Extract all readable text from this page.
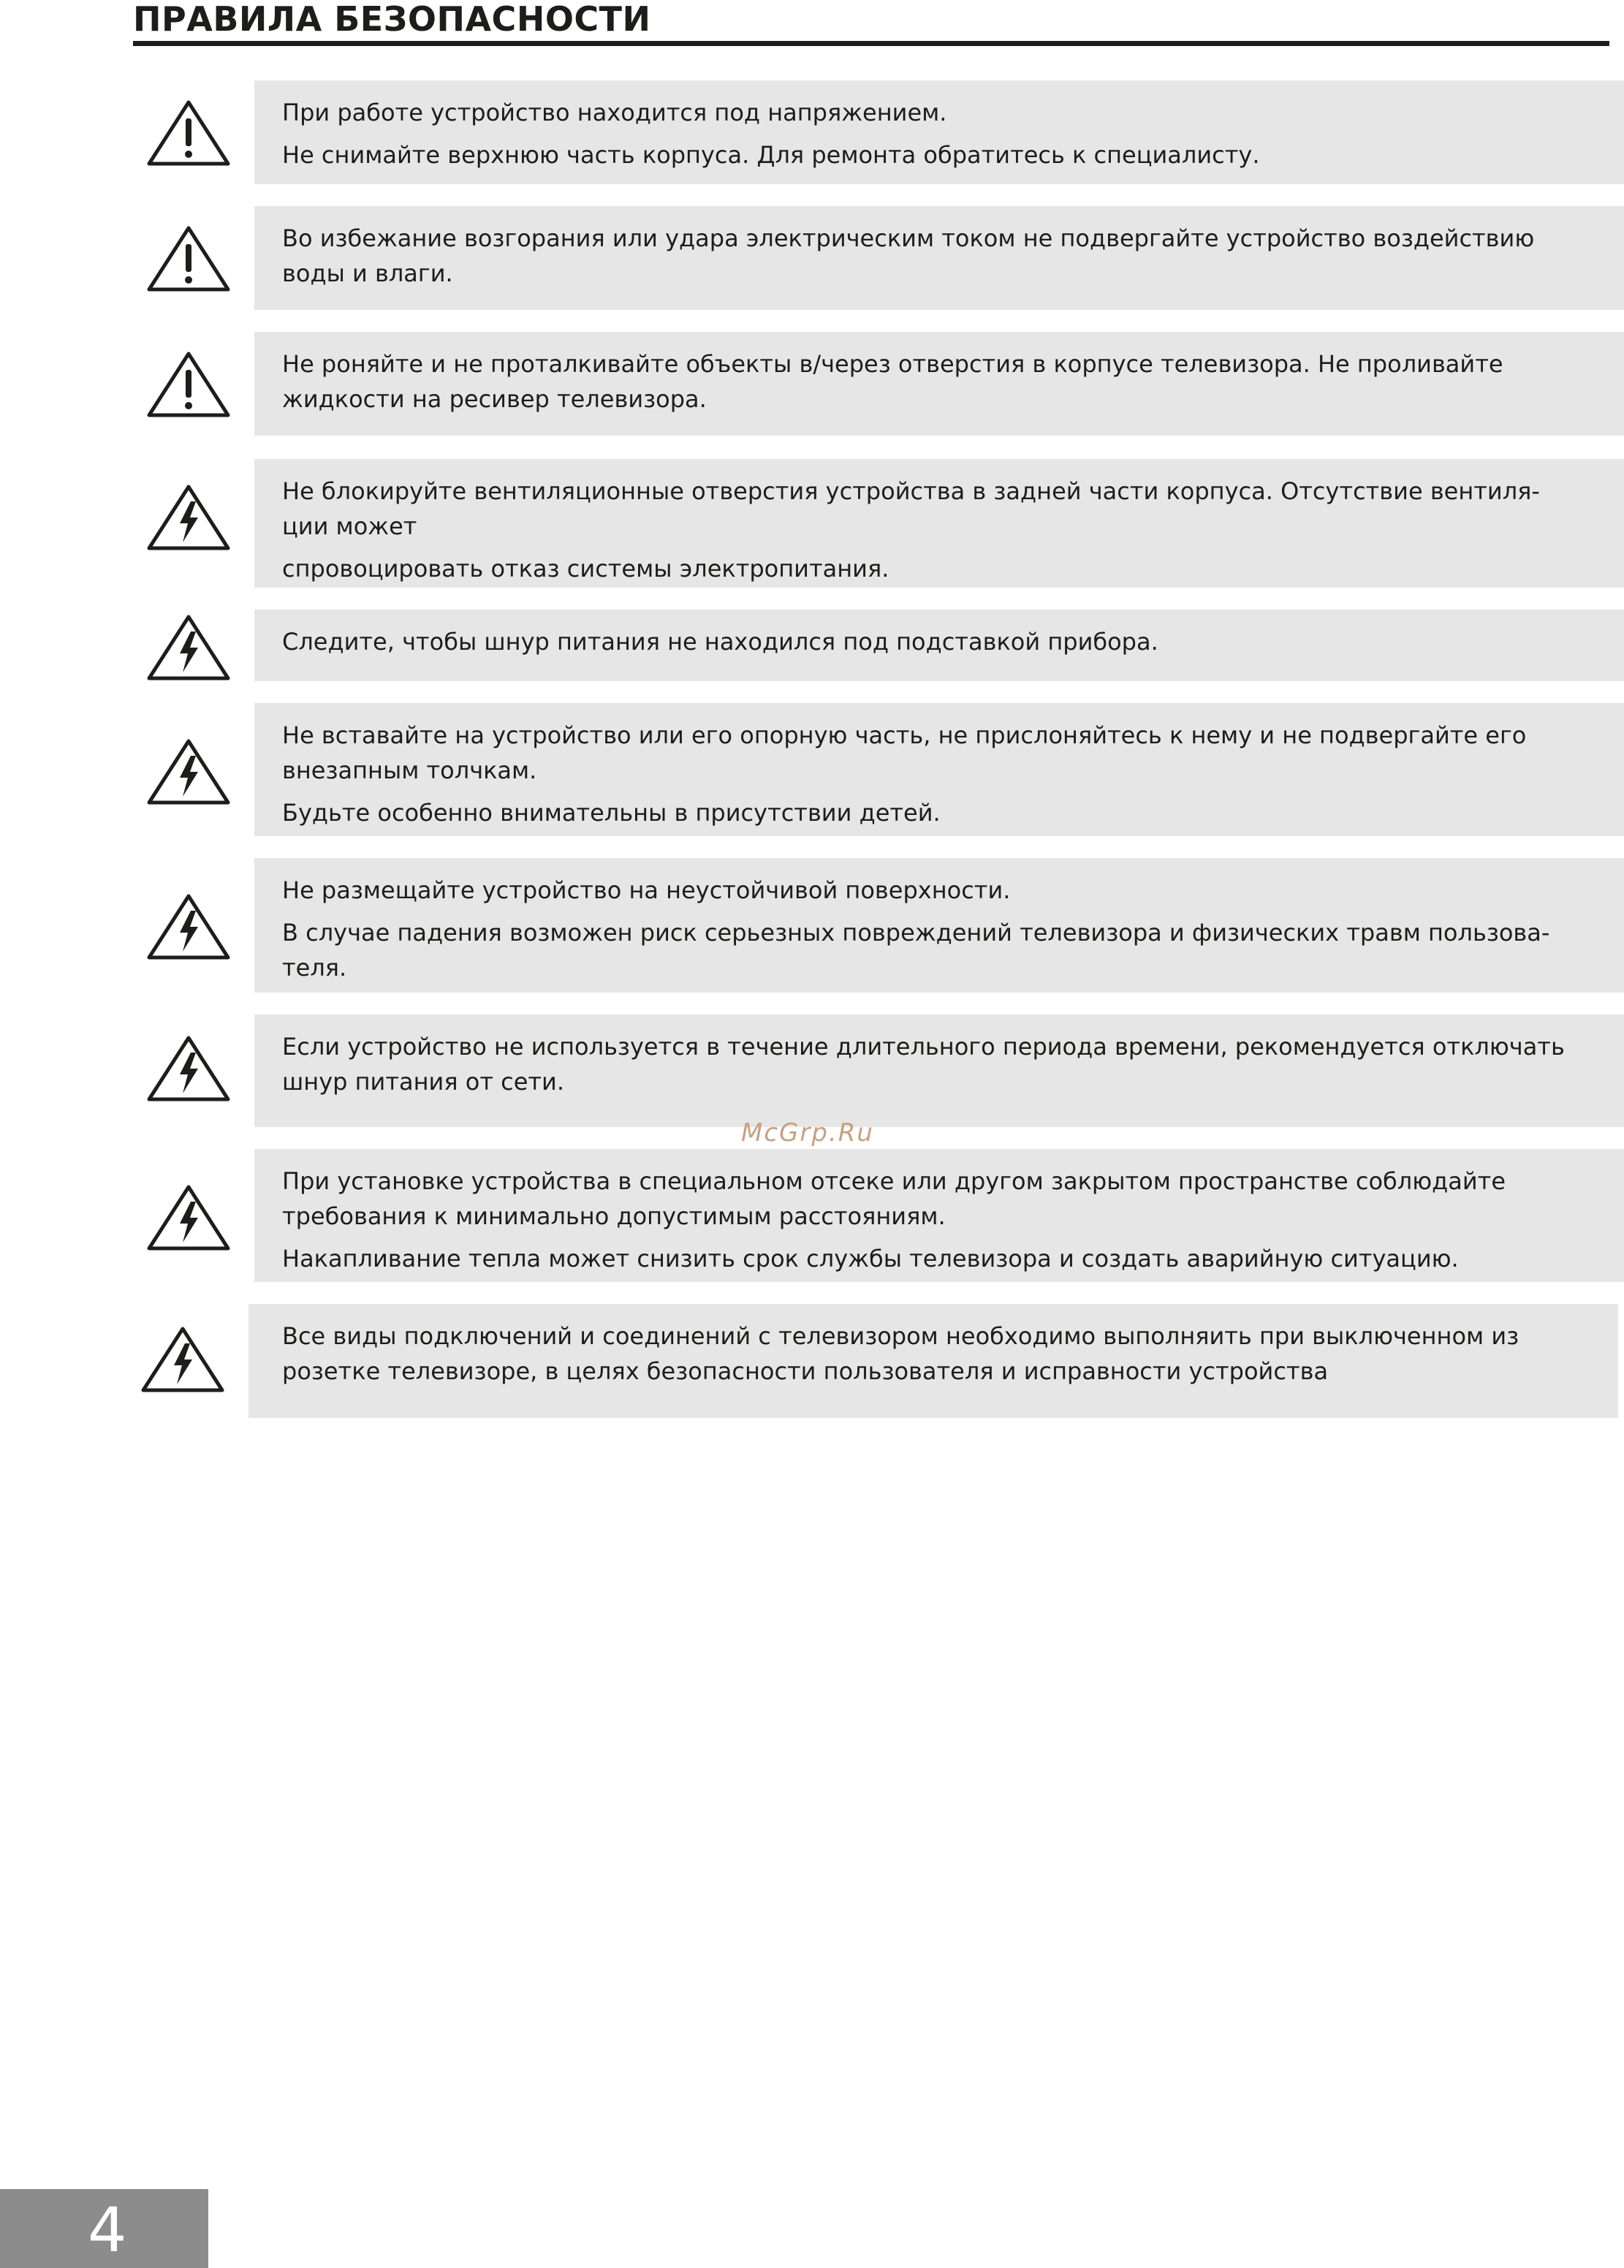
ПРАВИЛА БЕЗОПАСНОСТИ

При работе устройство находится под напряжением.

Не снимайте верхнюю часть корпуса. Для ремонта обратитесь к специалисту.

Во избежание возгорания или удара электрическим током не подвергайте устройство воздействию
воды и влаги.

Не роняйте и не проталкивайте объекты в/через отверстия в корпусе телевизора. Не проливайте
жидкости на ресивер телевизора.

Не блокируйте вентиляционные отверстия устройства в задней части корпуса. Отсутствие вентиля-
ции может

спровоцировать отказ системы электропитания.

Следите, чтобы шнур питания не находился под подставкой прибора.

Не вставайте на устройство или его опорную часть, не прислоняйтесь к нему и не подвергайте его
внезапным толчкам.

Будьте особенно внимательны в присутствии детей.

Не размещайте устройство на неустойчивой поверхности.

В случае падения возможен риск серьезных повреждений телевизора и физических травм пользова-
теля.

Если устройство не используется в течение длительного периода времени, рекомендуется отключать
шнур питания от сети.

При установке устройства в специальном отсеке или другом закрытом пространстве соблюдайте
требования к минимально допустимым расстояниям.

Накапливание тепла может снизить срок службы телевизора и создать аварийную ситуацию.

Все виды подключений и соединений с телевизором необходимо выполняить при выключенном из
розетке телевизоре, в целях безопасности пользователя и исправности устройства

McGrp.Ru
4
